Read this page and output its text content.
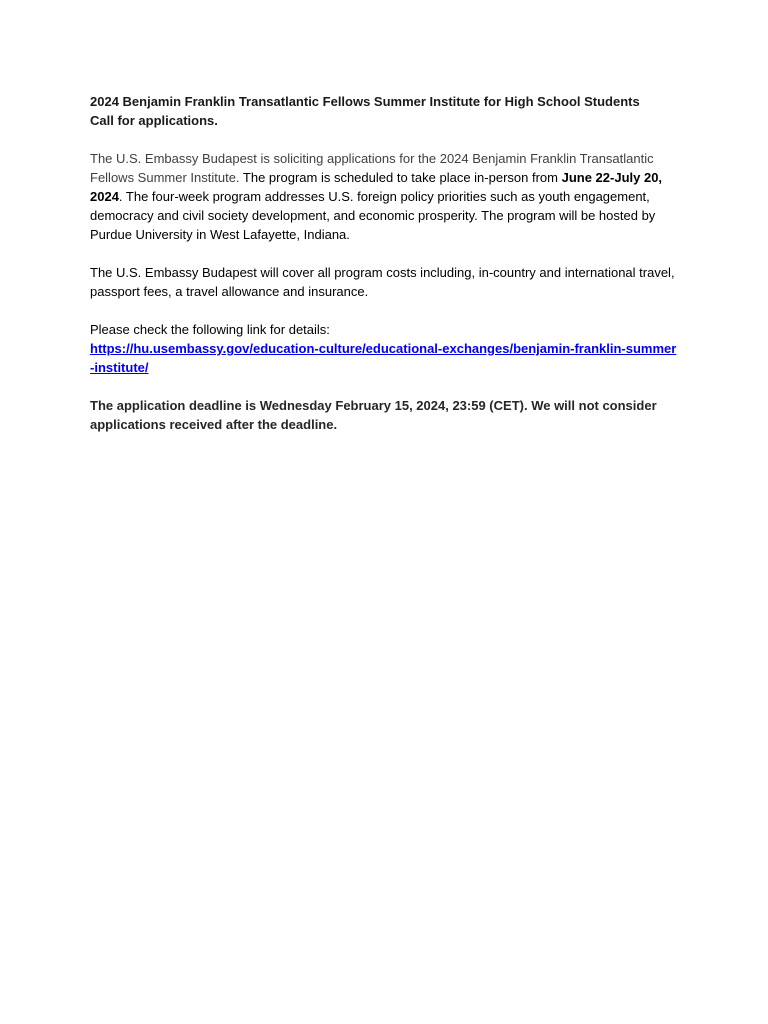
2024 Benjamin Franklin Transatlantic Fellows Summer Institute for High School Students
Call for applications.
The U.S. Embassy Budapest is soliciting applications for the 2024 Benjamin Franklin Transatlantic Fellows Summer Institute. The program is scheduled to take place in-person from June 22-July 20, 2024. The four-week program addresses U.S. foreign policy priorities such as youth engagement, democracy and civil society development, and economic prosperity. The program will be hosted by Purdue University in West Lafayette, Indiana.
The U.S. Embassy Budapest will cover all program costs including, in-country and international travel, passport fees, a travel allowance and insurance.
Please check the following link for details:
https://hu.usembassy.gov/education-culture/educational-exchanges/benjamin-franklin-summer-institute/
The application deadline is Wednesday February 15, 2024, 23:59 (CET). We will not consider applications received after the deadline.
